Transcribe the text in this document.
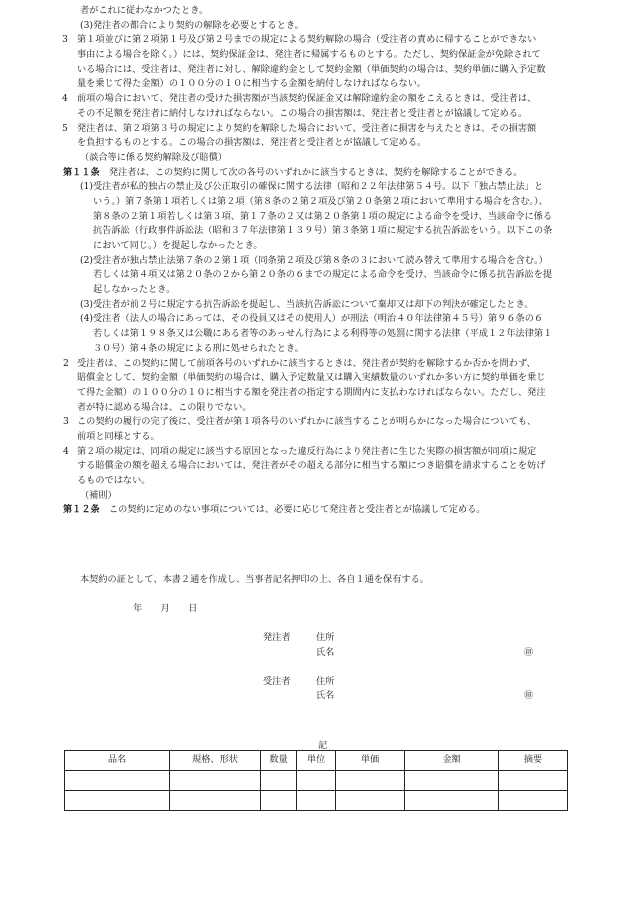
者がこれに従わなかつたとき。
(3) 発注者の都合により契約の解除を必要とするとき。
3 第１項並びに第２項第１号及び第２号までの規定による契約解除の場合（受注者の責めに帰することができない
事由による場合を除く。）には、契約保証金は、発注者に帰属するものとする。ただし、契約保証金が免除されて
いる場合には、受注者は、発注者に対し、解除違約金として契約金額（単価契約の場合は、契約単価に購入予定数
量を乗じて得た金額）の１００分の１０に相当する金額を納付しなければならない。
4 前項の場合において、発注者の受けた損害額が当該契約保証金又は解除違約金の額をこえるときは、受注者は、
その不足額を発注者に納付しなければならない。この場合の損害額は、発注者と受注者とが協議して定める。
5 発注者は、第２項第３号の規定により契約を解除した場合において、受注者に損害を与えたときは、その損害額
を負担するものとする。この場合の損害額は、発注者と受注者とが協議して定める。
（談合等に係る契約解除及び賠償）
第１１条　発注者は、この契約に関して次の各号のいずれかに該当するときは、契約を解除することができる。
(1) 受注者が私的独占の禁止及び公正取引の確保に関する法律（昭和２２年法律第５４号。以下「独占禁止法」と
いう。）第７条第１項若しくは第２項（第８条の２第２項及び第２０条第２項において準用する場合を含む。）、
第８条の２第１項若しくは第３項、第１７条の２又は第２０条第１項の規定による命令を受け、当該命令に係る
抗告訴訟（行政事件訴訟法（昭和３７年法律第１３９号）第３条第１項に規定する抗告訴訟をいう。以下この条
において同じ。）を提起しなかったとき。
(2) 受注者が独占禁止法第７条の２第１項（同条第２項及び第８条の３において読み替えて準用する場合を含む。）
若しくは第４項又は第２０条の２から第２０条の６までの規定による命令を受け、当該命令に係る抗告訴訟を提
起しなかったとき。
(3) 受注者が前２号に規定する抗告訴訟を提起し、当該抗告訴訟について棄却又は却下の判決が確定したとき。
(4) 受注者（法人の場合にあっては、その役員又はその使用人）が刑法（明治４０年法律第４５号）第９６条の６
若しくは第１９８条又は公職にある者等のあっせん行為による利得等の処罰に関する法律（平成１２年法律第１
３０号）第４条の規定による刑に処せられたとき。
2 受注者は、この契約に関して前項各号のいずれかに該当するときは、発注者が契約を解除するか否かを問わず、
賠償金として、契約金額（単価契約の場合は、購入予定数量又は購入実績数量のいずれか多い方に契約単価を乗じ
て得た金額）の１００分の１０に相当する額を発注者の指定する期間内に支払わなければならない。ただし、発注
者が特に認める場合は、この限りでない。
3 この契約の履行の完了後に、受注者が第１項各号のいずれかに該当することが明らかになった場合についても、
前項と同様とする。
4 第２項の規定は、同項の規定に該当する原因となった違反行為により発注者に生じた実際の損害額が同項に規定
する賠償金の額を超える場合においては、発注者がその超える部分に相当する額につき賠償を請求することを妨げ
るものではない。
（補則）
第１２条　この契約に定めのない事項については、必要に応じて発注者と受注者とが協議して定める。
本契約の証として、本書２通を作成し、当事者記名押印の上、各自１通を保有する。
年　　月　　日
発注者	住所
氏名	㊞
受注者	住所
氏名	㊞
記
品名	規格、形状	数量	単位	単価	金額	摘要
